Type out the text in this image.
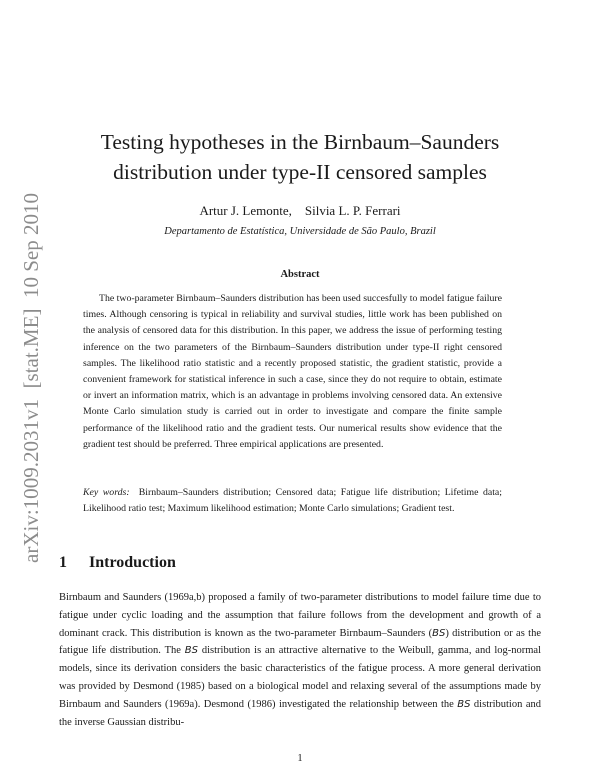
arXiv:1009.2031v1  [stat.ME]  10 Sep 2010
Testing hypotheses in the Birnbaum–Saunders
distribution under type-II censored samples
Artur J. Lemonte, Silvia L. P. Ferrari
Departamento de Estatística, Universidade de São Paulo, Brazil
Abstract

The two-parameter Birnbaum–Saunders distribution has been used succesfully to model fatigue failure times. Although censoring is typical in reliability and survival studies, little work has been published on the analysis of censored data for this distribution. In this paper, we address the issue of performing testing inference on the two parameters of the Birnbaum–Saunders distribution under type-II right censored samples. The likelihood ratio statistic and a recently proposed statistic, the gradient statistic, provide a convenient framework for statistical inference in such a case, since they do not require to obtain, estimate or invert an information matrix, which is an advantage in problems involving censored data. An extensive Monte Carlo simulation study is carried out in order to investigate and compare the finite sample performance of the likelihood ratio and the gradient tests. Our numerical results show evidence that the gradient test should be preferred. Three empirical applications are presented.

Key words: Birnbaum–Saunders distribution; Censored data; Fatigue life distribution; Lifetime data; Likelihood ratio test; Maximum likelihood estimation; Monte Carlo simulations; Gradient test.

1 Introduction

Birnbaum and Saunders (1969a,b) proposed a family of two-parameter distributions to model failure time due to fatigue under cyclic loading and the assumption that failure follows from the development and growth of a dominant crack. This distribution is known as the two-parameter Birnbaum–Saunders (BS) distribution or as the fatigue life distribution. The BS distribution is an attractive alternative to the Weibull, gamma, and log-normal models, since its derivation considers the basic characteristics of the fatigue process. A more general derivation was provided by Desmond (1985) based on a biological model and relaxing several of the assumptions made by Birnbaum and Saunders (1969a). Desmond (1986) investigated the relationship between the BS distribution and the inverse Gaussian distribu-

1
